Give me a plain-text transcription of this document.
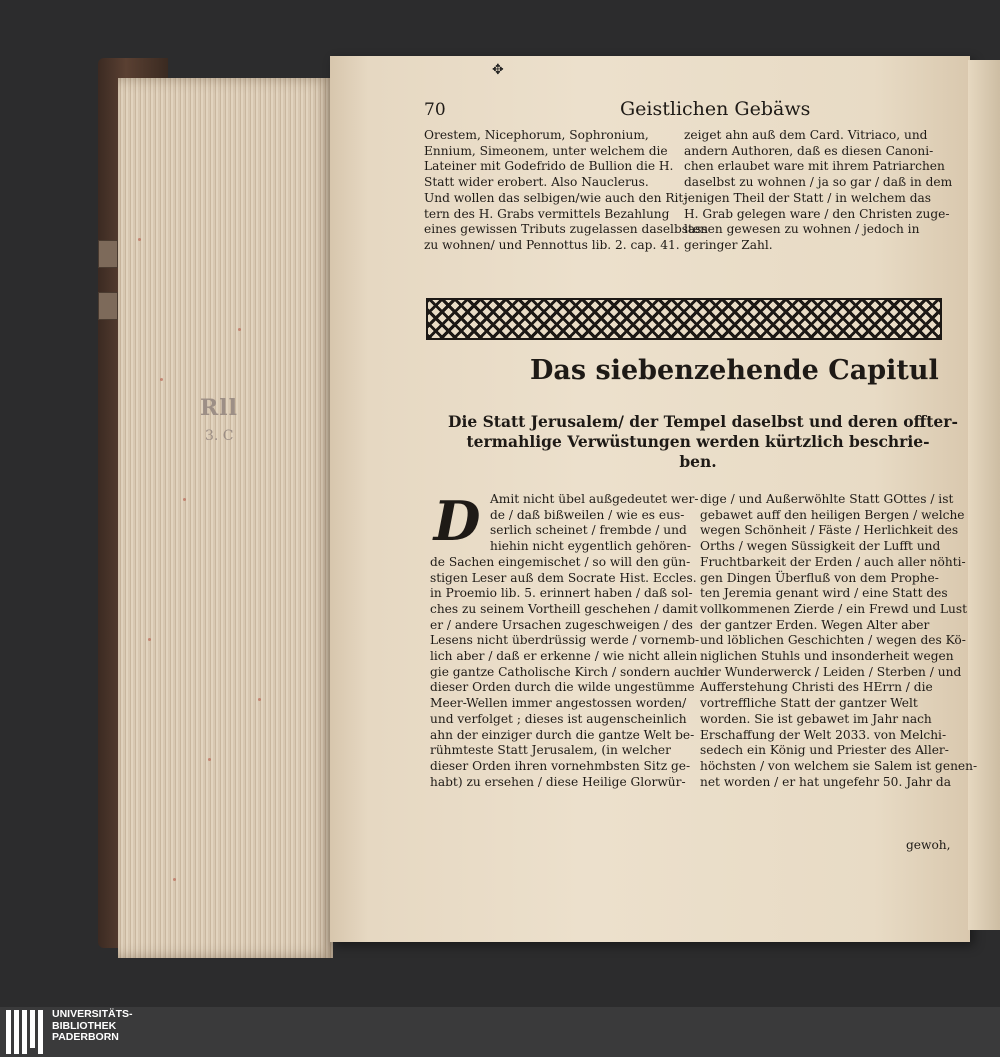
Rll
3. C
✥
70	Geistlichen Gebäws
Orestem, Nicephorum, Sophronium,
Ennium, Simeonem, unter welchem die
Lateiner mit Godefrido de Bullion die H.
Statt wider erobert. Also Nauclerus.
Und wollen das selbigen/wie auch den Rit-
tern des H. Grabs vermittels Bezahlung
eines gewissen Tributs zugelassen daselbsten
zu wohnen/ und Pennottus lib. 2. cap. 41.
zeiget ahn auß dem Card. Vitriaco, und
andern Authoren, daß es diesen Canoni-
chen erlaubet ware mit ihrem Patriarchen
daselbst zu wohnen / ja so gar / daß in dem
jenigen Theil der Statt / in welchem das
H. Grab gelegen ware / den Christen zuge-
lassen gewesen zu wohnen / jedoch in
geringer Zahl.
Das siebenzehende Capitul
Die Statt Jerusalem/ der Tempel daselbst und deren offter-
termahlige Verwüstungen werden kürtzlich beschrie-
ben.
D Amit nicht übel außgedeutet wer-
de / daß bißweilen / wie es eus-
serlich scheinet / frembde / und
hiehin nicht eygentlich gehören-
de Sachen eingemischet / so will den gün-
stigen Leser auß dem Socrate Hist. Eccles.
in Proemio lib. 5. erinnert haben / daß sol-
ches zu seinem Vortheill geschehen / damit
er / andere Ursachen zugeschweigen / des
Lesens nicht überdrüssig werde / vornemb-
lich aber / daß er erkenne / wie nicht allein
gie gantze Catholische Kirch / sondern auch
dieser Orden durch die wilde ungestümme
Meer-Wellen immer angestossen worden/
und verfolget ; dieses ist augenscheinlich
ahn der einziger durch die gantze Welt be-
rühmteste Statt Jerusalem, (in welcher
dieser Orden ihren vornehmbsten Sitz ge-
habt) zu ersehen / diese Heilige Glorwür-
dige / und Außerwöhlte Statt GOttes / ist
gebawet auff den heiligen Bergen / welche
wegen Schönheit / Fäste / Herlichkeit des
Orths / wegen Süssigkeit der Lufft und
Fruchtbarkeit der Erden / auch aller nöhti-
gen Dingen Überfluß von dem Prophe-
ten Jeremia genant wird / eine Statt des
vollkommenen Zierde / ein Frewd und Lust
der gantzer Erden. Wegen Alter aber
und löblichen Geschichten / wegen des Kö-
niglichen Stuhls und insonderheit wegen
der Wunderwerck / Leiden / Sterben / und
Aufferstehung Christi des HErrn / die
vortreffliche Statt der gantzer Welt
worden. Sie ist gebawet im Jahr nach
Erschaffung der Welt 2033. von Melchi-
sedech ein König und Priester des Aller-
höchsten / von welchem sie Salem ist genen-
net worden / er hat ungefehr 50. Jahr da
gewoh,
UNIVERSITÄTS-
BIBLIOTHEK
PADERBORN
